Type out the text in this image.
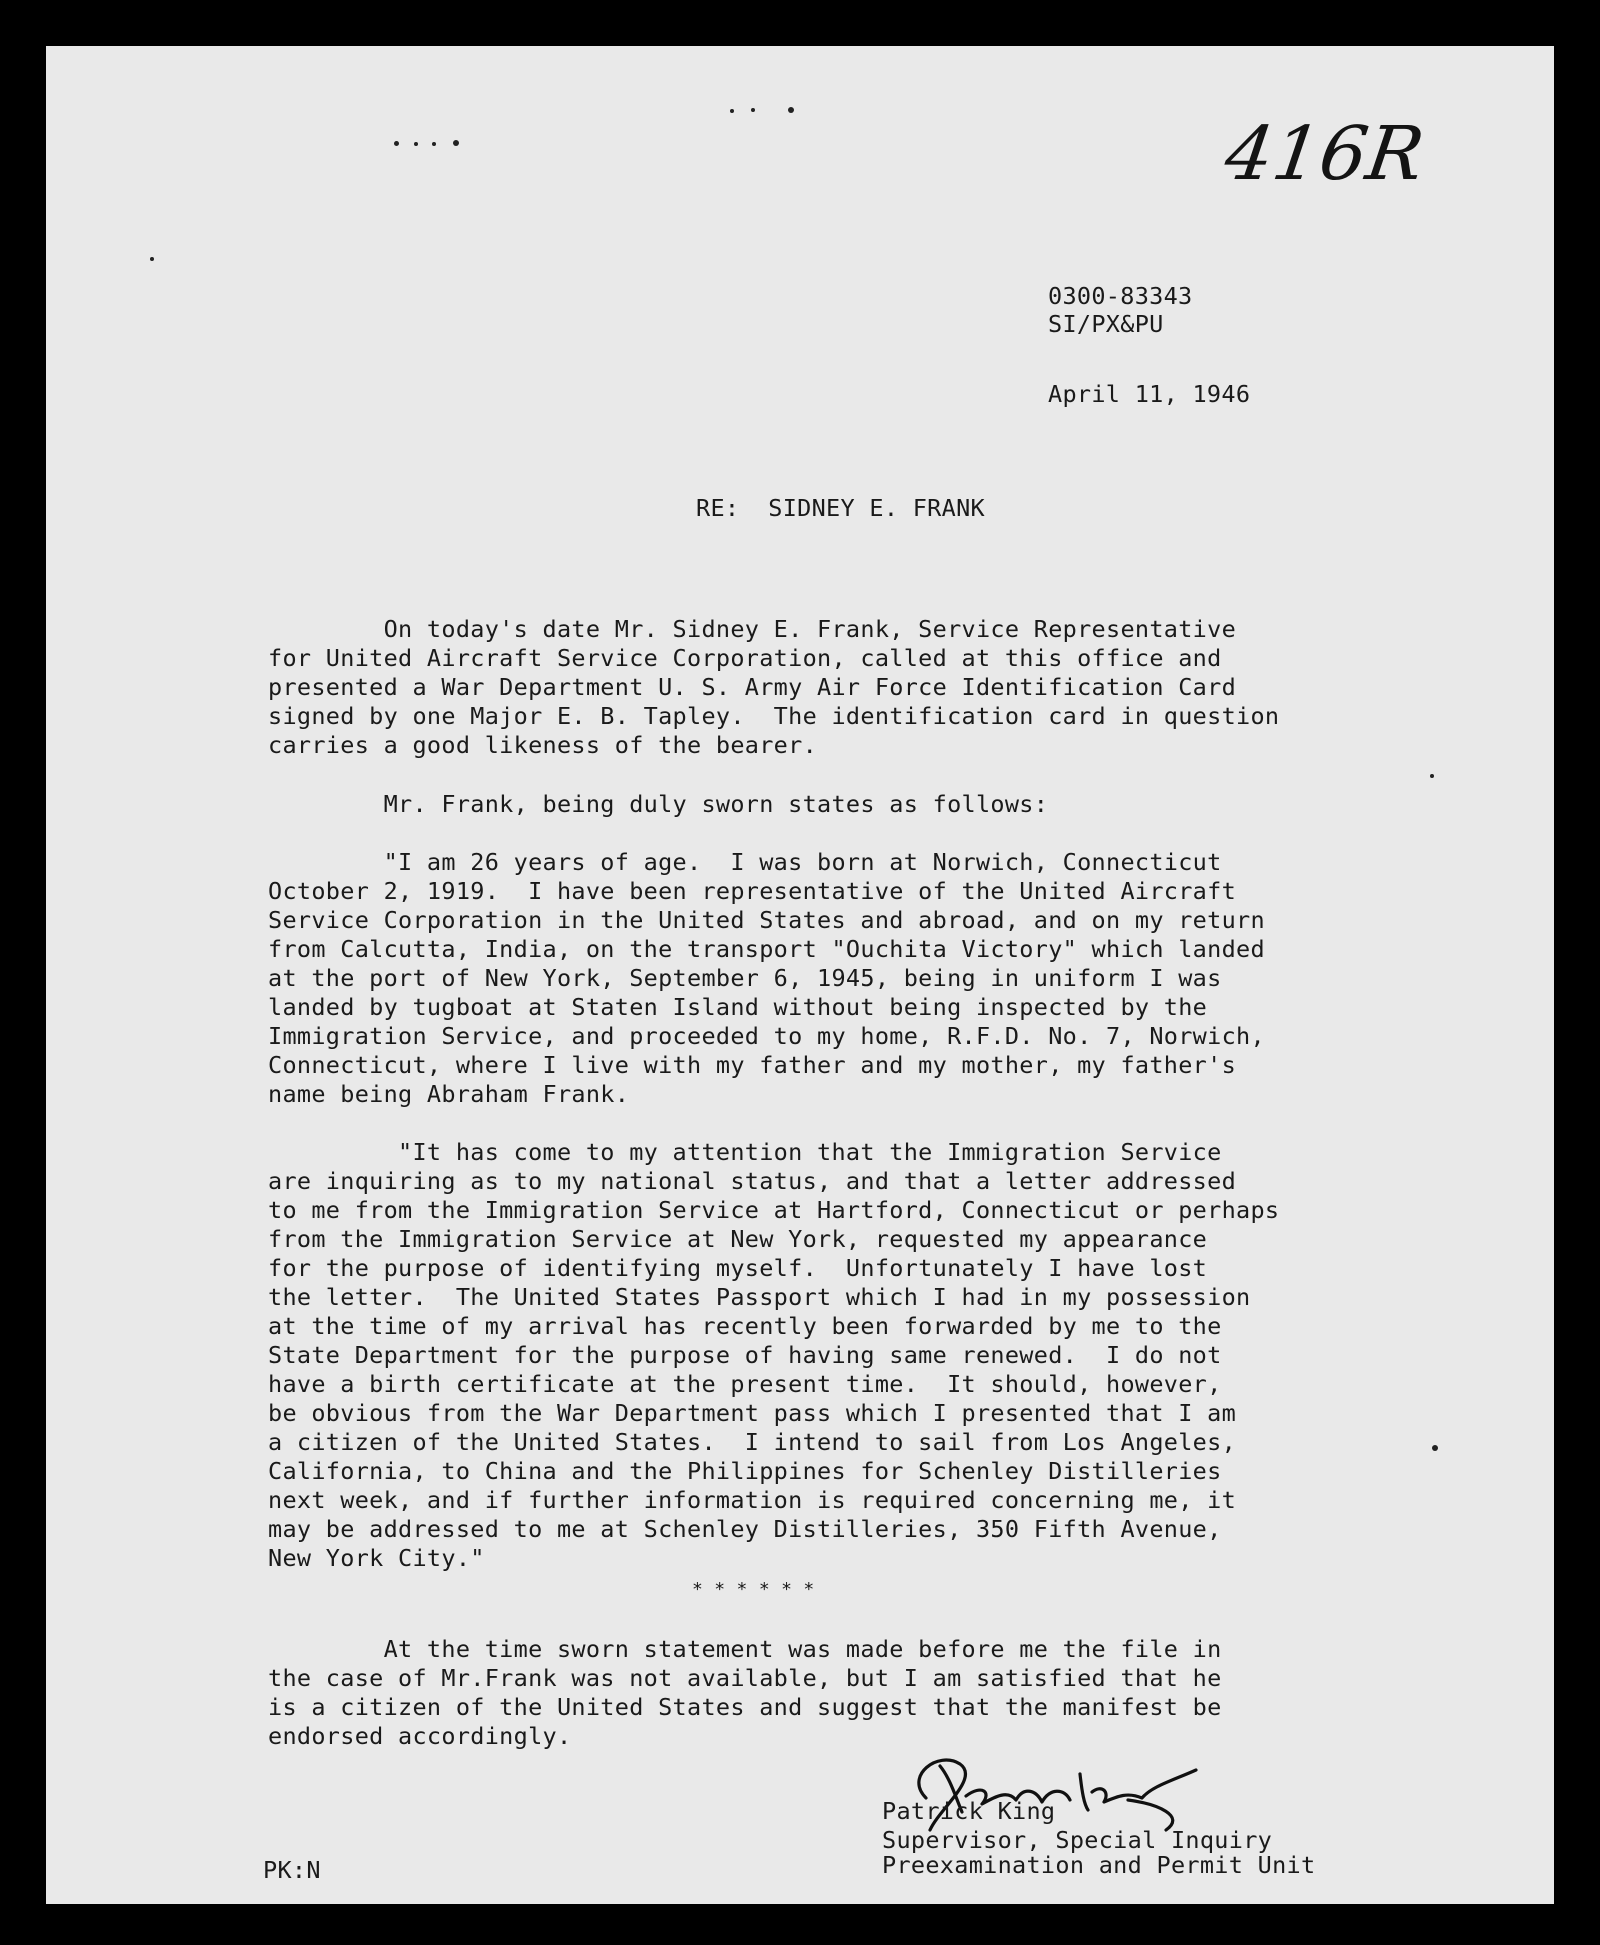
416R

0300-83343

SI/PX&PU

April 11, 1946

RE:  SIDNEY E. FRANK

On today's date Mr. Sidney E. Frank, Service Representative

for United Aircraft Service Corporation, called at this office and

presented a War Department U. S. Army Air Force Identification Card

signed by one Major E. B. Tapley.  The identification card in question

carries a good likeness of the bearer.

Mr. Frank, being duly sworn states as follows:

"I am 26 years of age.  I was born at Norwich, Connecticut

October 2, 1919.  I have been representative of the United Aircraft

Service Corporation in the United States and abroad, and on my return

from Calcutta, India, on the transport "Ouchita Victory" which landed

at the port of New York, September 6, 1945, being in uniform I was

landed by tugboat at Staten Island without being inspected by the

Immigration Service, and proceeded to my home, R.F.D. No. 7, Norwich,

Connecticut, where I live with my father and my mother, my father's

name being Abraham Frank.

"It has come to my attention that the Immigration Service

are inquiring as to my national status, and that a letter addressed

to me from the Immigration Service at Hartford, Connecticut or perhaps

from the Immigration Service at New York, requested my appearance

for the purpose of identifying myself.  Unfortunately I have lost

the letter.  The United States Passport which I had in my possession

at the time of my arrival has recently been forwarded by me to the

State Department for the purpose of having same renewed.  I do not

have a birth certificate at the present time.  It should, however,

be obvious from the War Department pass which I presented that I am

a citizen of the United States.  I intend to sail from Los Angeles,

California, to China and the Philippines for Schenley Distilleries

next week, and if further information is required concerning me, it

may be addressed to me at Schenley Distilleries, 350 Fifth Avenue,

New York City."

* * * * * *

At the time sworn statement was made before me the file in

the case of Mr.Frank was not available, but I am satisfied that he

is a citizen of the United States and suggest that the manifest be

endorsed accordingly.

Patrick King

Supervisor, Special Inquiry

Preexamination and Permit Unit

PK:N
